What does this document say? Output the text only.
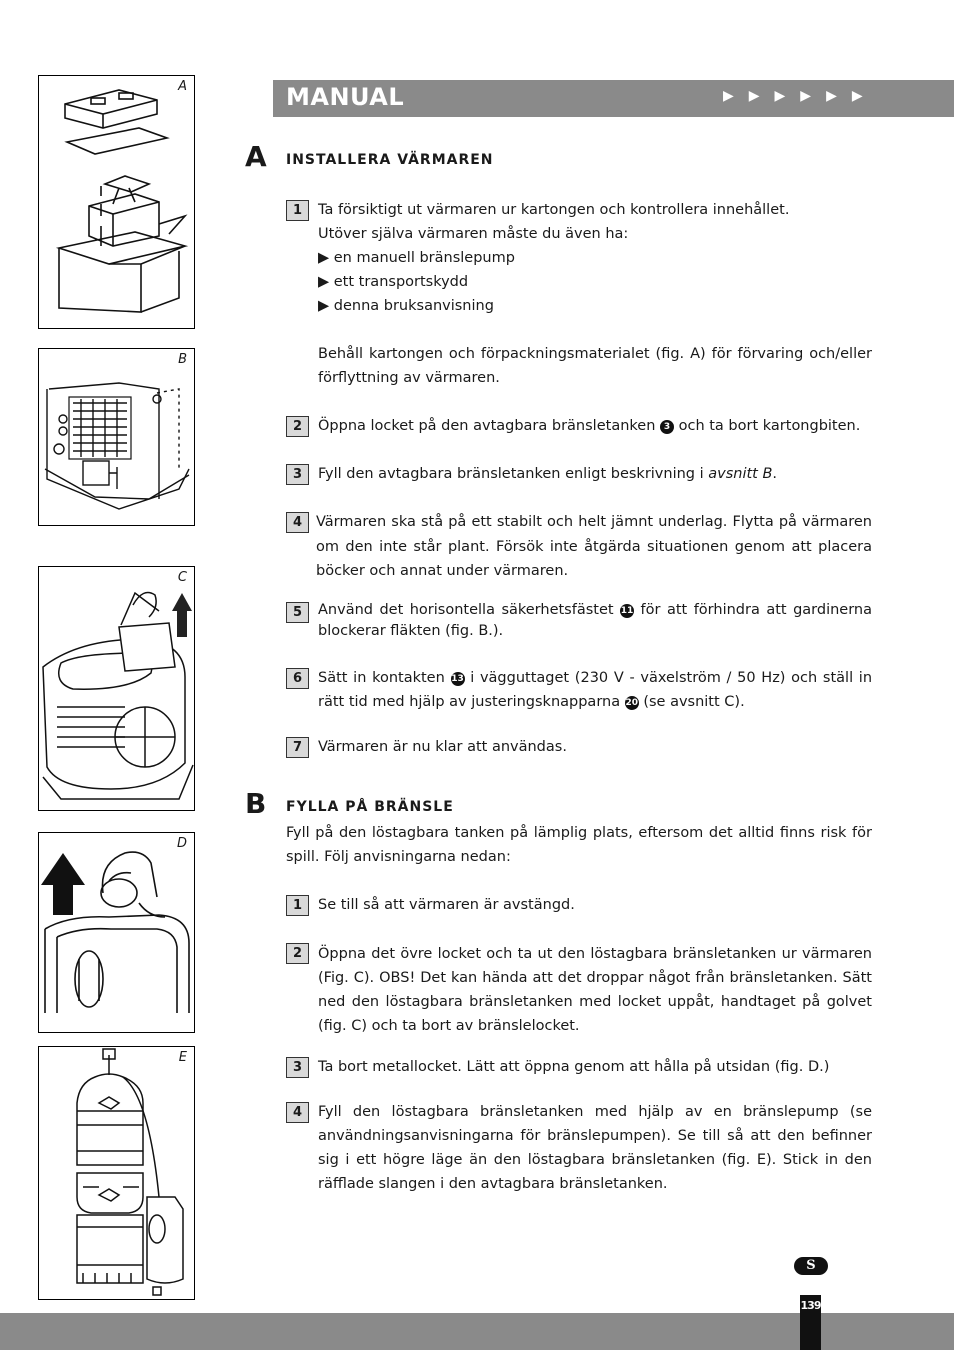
MANUAL	▶▶▶▶▶▶
A
B
C
D
E
A INSTALLERA VÄRMAREN
1	Ta försiktigt ut värmaren ur kartongen och kontrollera innehållet.
Utöver själva värmaren måste du även ha:
▶ en manuell bränslepump
▶ ett transportskydd
▶ denna bruksanvisning
Behåll kartongen och förpackningsmaterialet (fig. A) för förvaring och/eller förflyttning av värmaren.
2	Öppna locket på den avtagbara bränsletanken 3 och ta bort kartongbiten.
3	Fyll den avtagbara bränsletanken enligt beskrivning i avsnitt B.
4 Värmaren ska stå på ett stabilt och helt jämnt underlag. Flytta på värmaren om den inte står plant. Försök inte åtgärda situationen genom att placera böcker och annat under värmaren.
5	Använd det horisontella säkerhetsfästet 11 för att förhindra att gardinerna blockerar fläkten (fig. B.).
6	Sätt in kontakten 13 i vägguttaget (230 V - växelström / 50 Hz) och ställ in rätt tid med hjälp av justeringsknapparna 20 (se avsnitt C).
7	Värmaren är nu klar att användas.
B FYLLA PÅ BRÄNSLE
Fyll på den löstagbara tanken på lämplig plats, eftersom det alltid finns risk för spill. Följ anvisningarna nedan:
1	Se till så att värmaren är avstängd.
2	Öppna det övre locket och ta ut den löstagbara bränsletanken ur värmaren (Fig. C). OBS! Det kan hända att det droppar något från bränsletanken. Sätt ned den löstagbara bränsletanken med locket uppåt, handtaget på golvet (fig. C) och ta bort av bränslelocket.
3	Ta bort metallocket. Lätt att öppna genom att hålla på utsidan (fig. D.)
4	Fyll den löstagbara bränsletanken med hjälp av en bränslepump (se användningsanvisningarna för bränslepumpen). Se till så att den befinner sig i ett högre läge än den löstagbara bränsletanken (fig. E). Stick in den räfflade slangen i den avtagbara bränsletanken.
S
139
